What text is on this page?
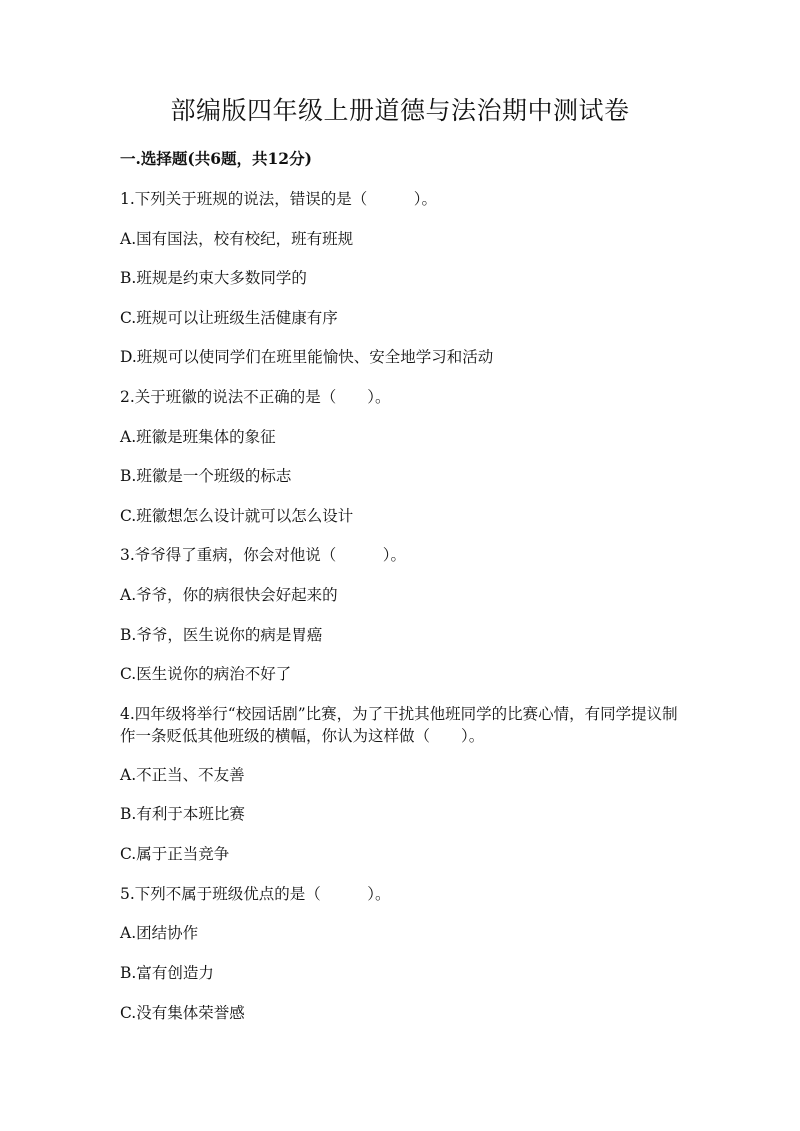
部编版四年级上册道德与法治期中测试卷
一.选择题(共6题，共12分)
1.下列关于班规的说法，错误的是（　　　）。
A.国有国法，校有校纪，班有班规
B.班规是约束大多数同学的
C.班规可以让班级生活健康有序
D.班规可以使同学们在班里能愉快、安全地学习和活动
2.关于班徽的说法不正确的是（　　）。
A.班徽是班集体的象征
B.班徽是一个班级的标志
C.班徽想怎么设计就可以怎么设计
3.爷爷得了重病，你会对他说（　　　）。
A.爷爷，你的病很快会好起来的
B.爷爷，医生说你的病是胃癌
C.医生说你的病治不好了
4.四年级将举行“校园话剧”比赛，为了干扰其他班同学的比赛心情，有同学提议制作一条贬低其他班级的横幅，你认为这样做（　　）。
A.不正当、不友善
B.有利于本班比赛
C.属于正当竞争
5.下列不属于班级优点的是（　　　）。
A.团结协作
B.富有创造力
C.没有集体荣誉感
